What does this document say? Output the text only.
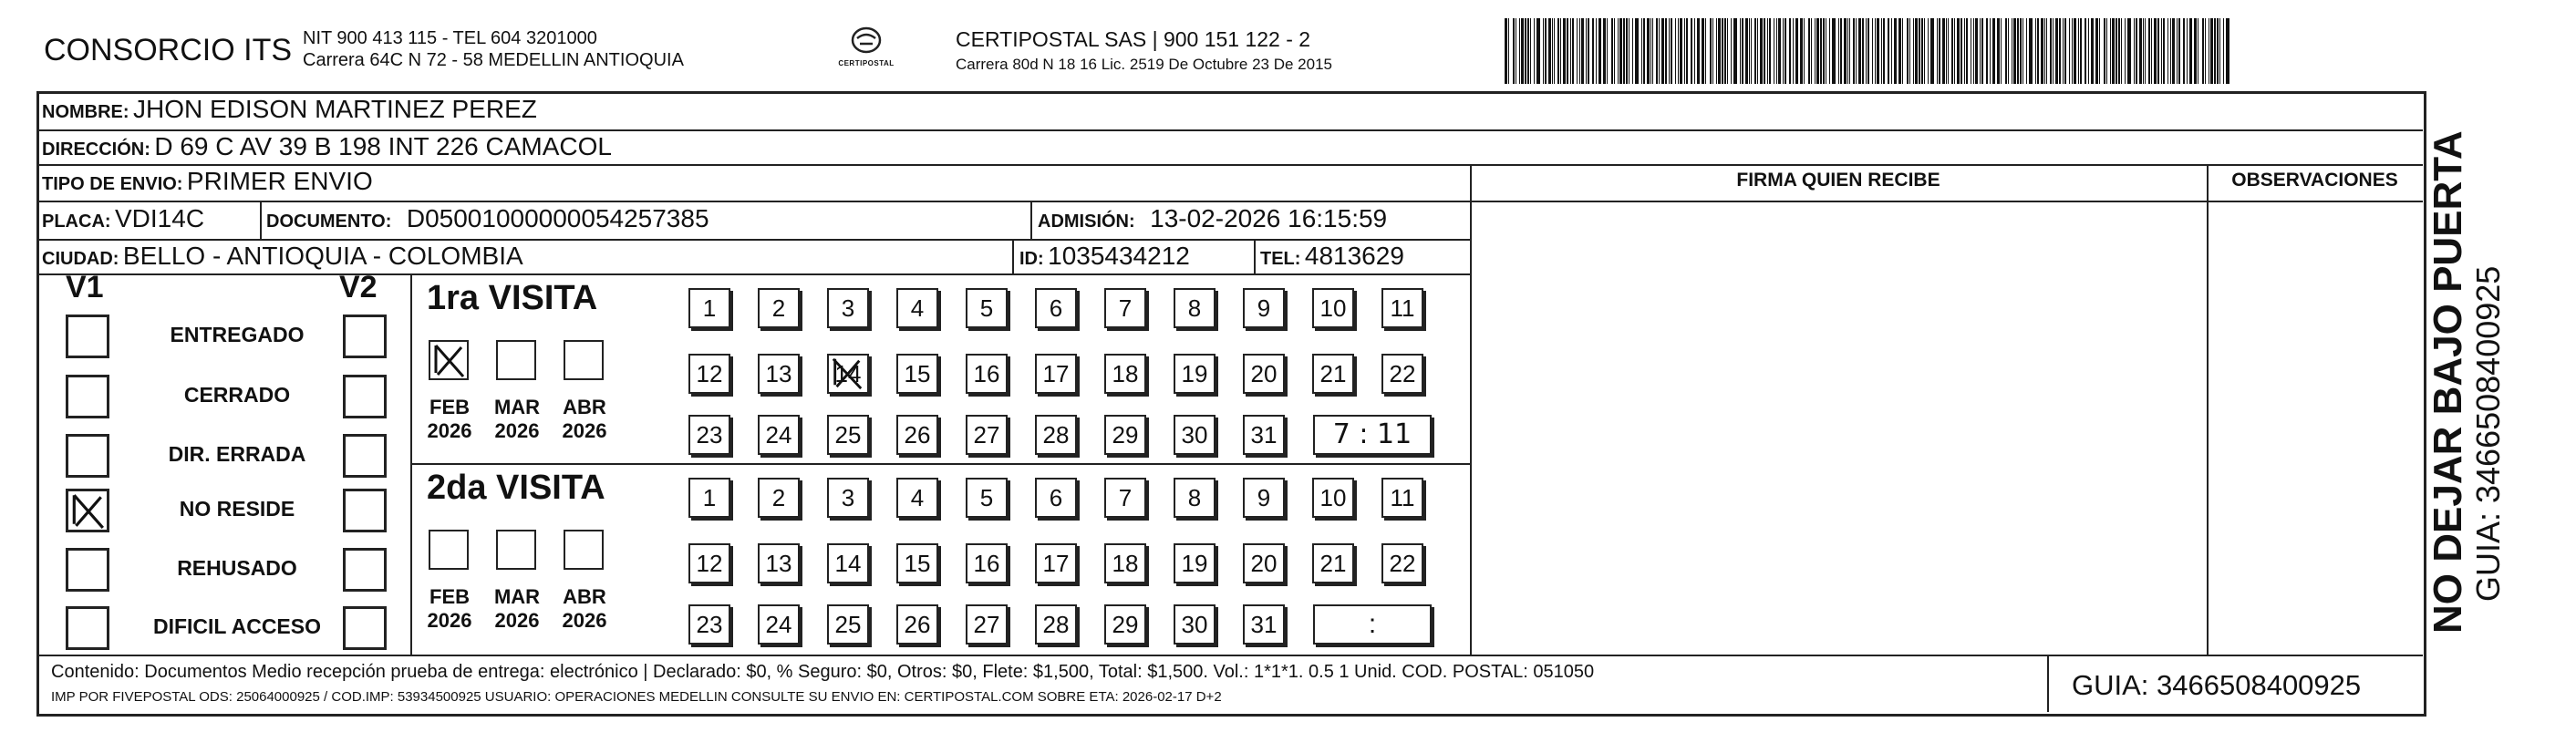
CONSORCIO ITS NIT 900 413 115 - TEL 604 3201000
Carrera 64C N 72 - 58 MEDELLIN ANTIOQUIA	CERTIPOSTAL
CERTIPOSTAL SAS | 900 151 122 - 2
Carrera 80d N 18 16 Lic. 2519 De Octubre 23 De 2015
NOMBRE: JHON EDISON MARTINEZ PEREZ
DIRECCIÓN: D 69 C AV 39 B 198 INT 226 CAMACOL
TIPO DE ENVIO: PRIMER ENVIO	FIRMA QUIEN RECIBE	OBSERVACIONES
PLACA: VDI14C	DOCUMENTO: D05001000000054257385	ADMISIÓN: 13-02-2026 16:15:59
CIUDAD: BELLO - ANTIOQUIA - COLOMBIA	ID: 1035434212	TEL: 4813629
V1	V2
ENTREGADO
CERRADO
DIR. ERRADA
NO RESIDE
REHUSADO
DIFICIL ACCESO
1ra VISITA
2da VISITA
FEB
2026
MAR
2026
ABR
2026
1	2	3	4	5	6	7	8	9	10	11
12	13	14	15	16	17	18	19	20	21	22
23	24	25	26	27	28	29	30	31	7 : 11
FEB
2026
MAR
2026
ABR
2026
1	2	3	4	5	6	7	8	9	10	11
12	13	14	15	16	17	18	19	20	21	22
23	24	25	26	27	28	29	30	31	:
Contenido: Documentos Medio recepción prueba de entrega: electrónico | Declarado: $0, % Seguro: $0, Otros: $0, Flete: $1,500, Total: $1,500. Vol.: 1*1*1. 0.5 1 Unid. COD. POSTAL: 051050
IMP POR FIVEPOSTAL ODS: 25064000925 / COD.IMP: 53934500925 USUARIO: OPERACIONES MEDELLIN CONSULTE SU ENVIO EN: CERTIPOSTAL.COM SOBRE ETA: 2026-02-17 D+2	GUIA: 3466508400925
NO DEJAR BAJO PUERTA GUIA: 3466508400925
